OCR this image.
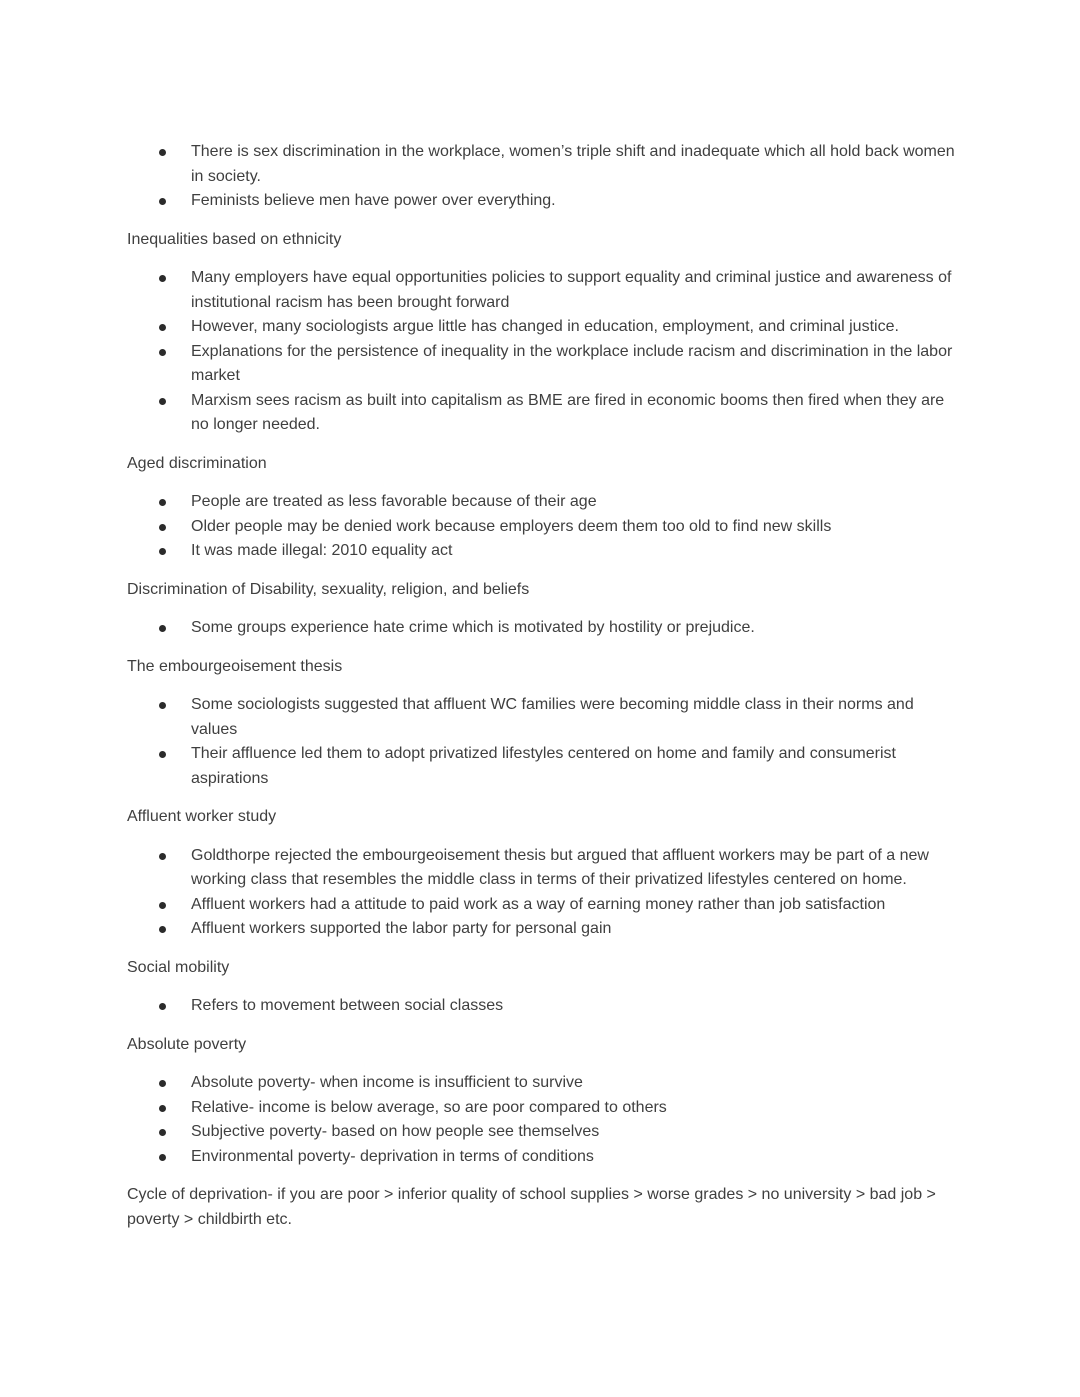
There is sex discrimination in the workplace, women’s triple shift and inadequate which all hold back women in society.
Feminists believe men have power over everything.

Inequalities based on ethnicity

Many employers have equal opportunities policies to support equality and criminal justice and awareness of institutional racism has been brought forward
However, many sociologists argue little has changed in education, employment, and criminal justice.
Explanations for the persistence of inequality in the workplace include racism and discrimination in the labor market
Marxism sees racism as built into capitalism as BME are fired in economic booms then fired when they are no longer needed.

Aged discrimination

People are treated as less favorable because of their age
Older people may be denied work because employers deem them too old to find new skills
It was made illegal: 2010 equality act

Discrimination of Disability, sexuality, religion, and beliefs

Some groups experience hate crime which is motivated by hostility or prejudice.

The embourgeoisement thesis

Some sociologists suggested that affluent WC families were becoming middle class in their norms and values
Their affluence led them to adopt privatized lifestyles centered on home and family and consumerist aspirations

Affluent worker study

Goldthorpe rejected the embourgeoisement thesis but argued that affluent workers may be part of a new working class that resembles the middle class in terms of their privatized lifestyles centered on home.
Affluent workers had a attitude to paid work as a way of earning money rather than job satisfaction
Affluent workers supported the labor party for personal gain

Social mobility

Refers to movement between social classes

Absolute poverty

Absolute poverty- when income is insufficient to survive
Relative- income is below average, so are poor compared to others
Subjective poverty- based on how people see themselves
Environmental poverty- deprivation in terms of conditions

Cycle of deprivation- if you are poor > inferior quality of school supplies > worse grades > no university > bad job > poverty > childbirth etc.
